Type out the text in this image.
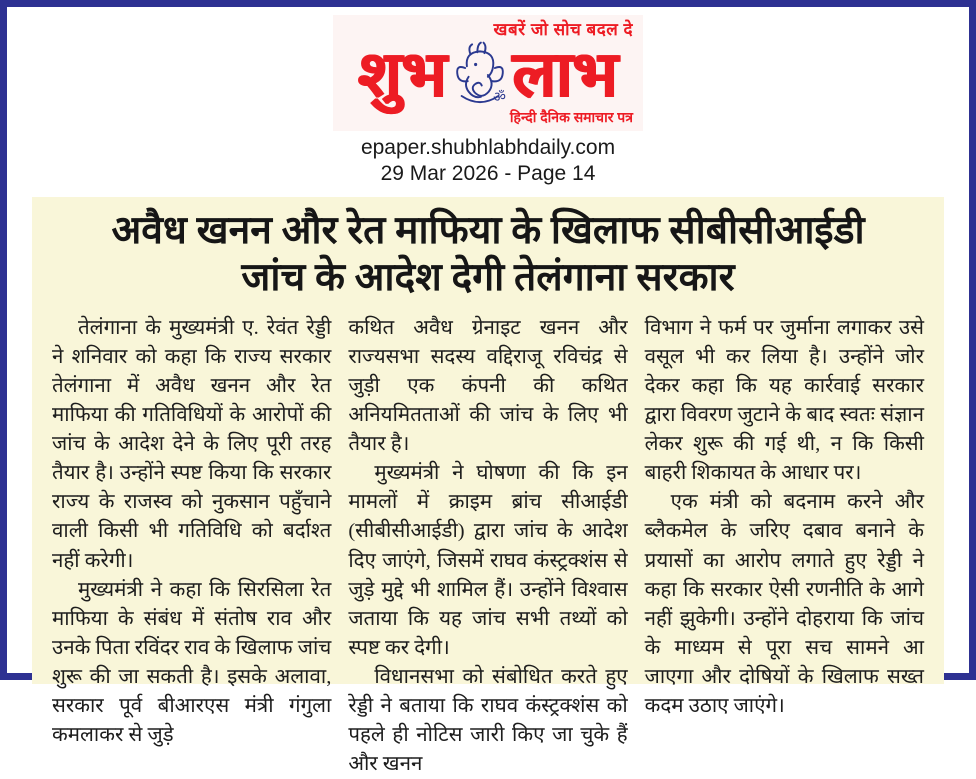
खबरें जो सोच बदल दे
शुभ	ॐ लाभ
हिन्दी दैनिक समाचार पत्र
epaper.shubhlabhdaily.com
29 Mar 2026 - Page 14
अवैध खनन और रेत माफिया के खिलाफ सीबीसीआईडी
जांच के आदेश देगी तेलंगाना सरकार

तेलंगाना के मुख्यमंत्री ए. रेवंत रेड्डी ने शनिवार को कहा कि राज्य सरकार तेलंगाना में अवैध खनन और रेत माफिया की गतिविधियों के आरोपों की जांच के आदेश देने के लिए पूरी तरह तैयार है। उन्होंने स्पष्ट किया कि सरकार राज्य के राजस्व को नुकसान पहुँचाने वाली किसी भी गतिविधि को बर्दाश्त नहीं करेगी।

मुख्यमंत्री ने कहा कि सिरसिला रेत माफिया के संबंध में संतोष राव और उनके पिता रविंदर राव के खिलाफ जांच शुरू की जा सकती है। इसके अलावा, सरकार पूर्व बीआरएस मंत्री गंगुला कमलाकर से जुड़े

कथित अवैध ग्रेनाइट खनन और राज्यसभा सदस्य वद्दिराजू रविचंद्र से जुड़ी एक कंपनी की कथित अनियमितताओं की जांच के लिए भी तैयार है।

मुख्यमंत्री ने घोषणा की कि इन मामलों में क्राइम ब्रांच सीआईडी (सीबीसीआईडी) द्वारा जांच के आदेश दिए जाएंगे, जिसमें राघव कंस्ट्रक्शंस से जुड़े मुद्दे भी शामिल हैं। उन्होंने विश्वास जताया कि यह जांच सभी तथ्यों को स्पष्ट कर देगी।

विधानसभा को संबोधित करते हुए रेड्डी ने बताया कि राघव कंस्ट्रक्शंस को पहले ही नोटिस जारी किए जा चुके हैं और खनन

विभाग ने फर्म पर जुर्माना लगाकर उसे वसूल भी कर लिया है। उन्होंने जोर देकर कहा कि यह कार्रवाई सरकार द्वारा विवरण जुटाने के बाद स्वतः संज्ञान लेकर शुरू की गई थी, न कि किसी बाहरी शिकायत के आधार पर।

एक मंत्री को बदनाम करने और ब्लैकमेल के जरिए दबाव बनाने के प्रयासों का आरोप लगाते हुए रेड्डी ने कहा कि सरकार ऐसी रणनीति के आगे नहीं झुकेगी। उन्होंने दोहराया कि जांच के माध्यम से पूरा सच सामने आ जाएगा और दोषियों के खिलाफ सख्त कदम उठाए जाएंगे।
